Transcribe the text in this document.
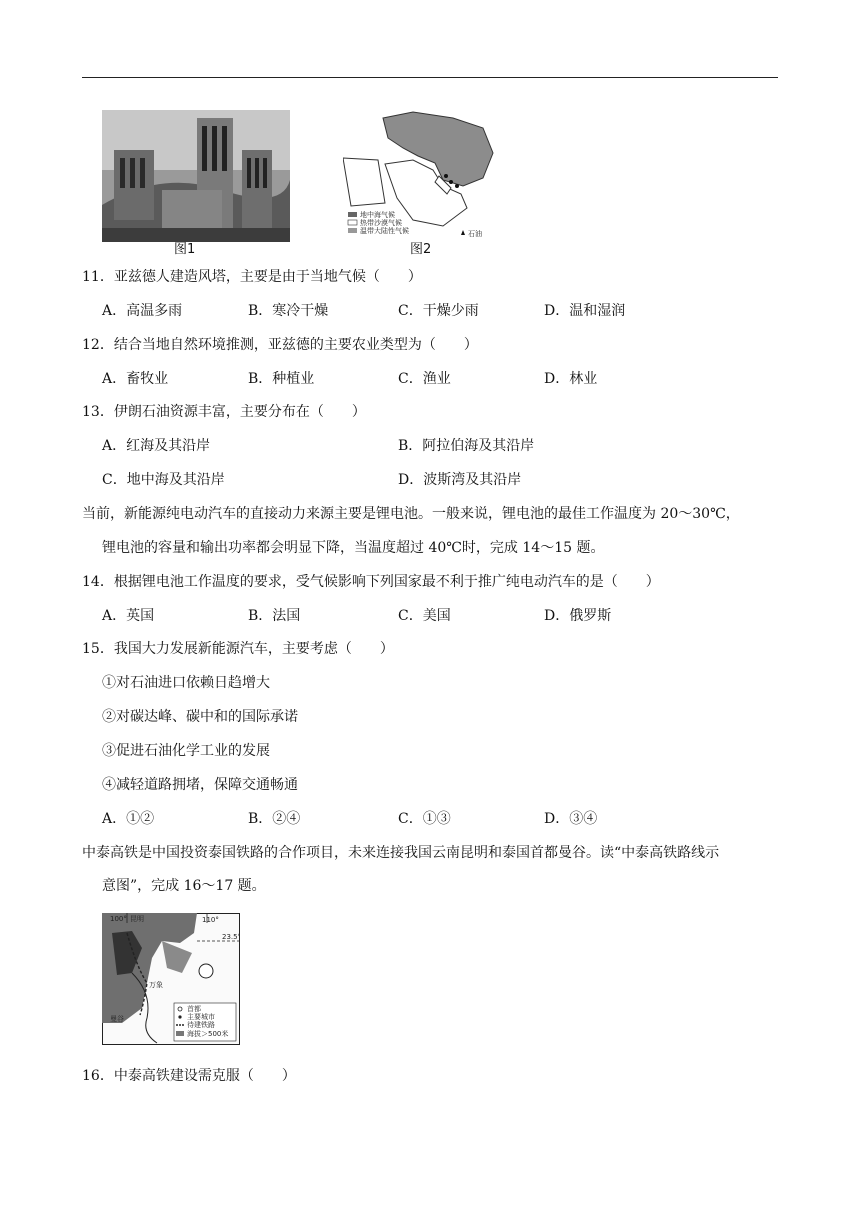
图1
地中海气候
热带沙漠气候
温带大陆性气候	石油
图2
11．亚兹德人建造风塔，主要是由于当地气候（　　）
A．高温多雨	B．寒冷干燥	C．干燥少雨	D．温和湿润
12．结合当地自然环境推测，亚兹德的主要农业类型为（　　）
A．畜牧业	B．种植业	C．渔业	D．林业
13．伊朗石油资源丰富，主要分布在（　　）
A．红海及其沿岸	B．阿拉伯海及其沿岸
C．地中海及其沿岸	D．波斯湾及其沿岸
当前，新能源纯电动汽车的直接动力来源主要是锂电池。一般来说，锂电池的最佳工作温度为 20～30℃，
锂电池的容量和输出功率都会明显下降，当温度超过 40℃时，完成 14～15 题。
14．根据锂电池工作温度的要求，受气候影响下列国家最不利于推广纯电动汽车的是（　　）
A．英国	B．法国	C．美国	D．俄罗斯
15．我国大力发展新能源汽车，主要考虑（　　）
①对石油进口依赖日趋增大
②对碳达峰、碳中和的国际承诺
③促进石油化学工业的发展
④减轻道路拥堵，保障交通畅通
A．①②	B．②④	C．①③	D．③④
中泰高铁是中国投资泰国铁路的合作项目，未来连接我国云南昆明和泰国首都曼谷。读“中泰高铁路线示
意图”，完成 16～17 题。
100°	110°
23.5°
昆明
万象
曼谷
首都
主要城市
待建铁路
海拔＞500米
16．中泰高铁建设需克服（　　）
